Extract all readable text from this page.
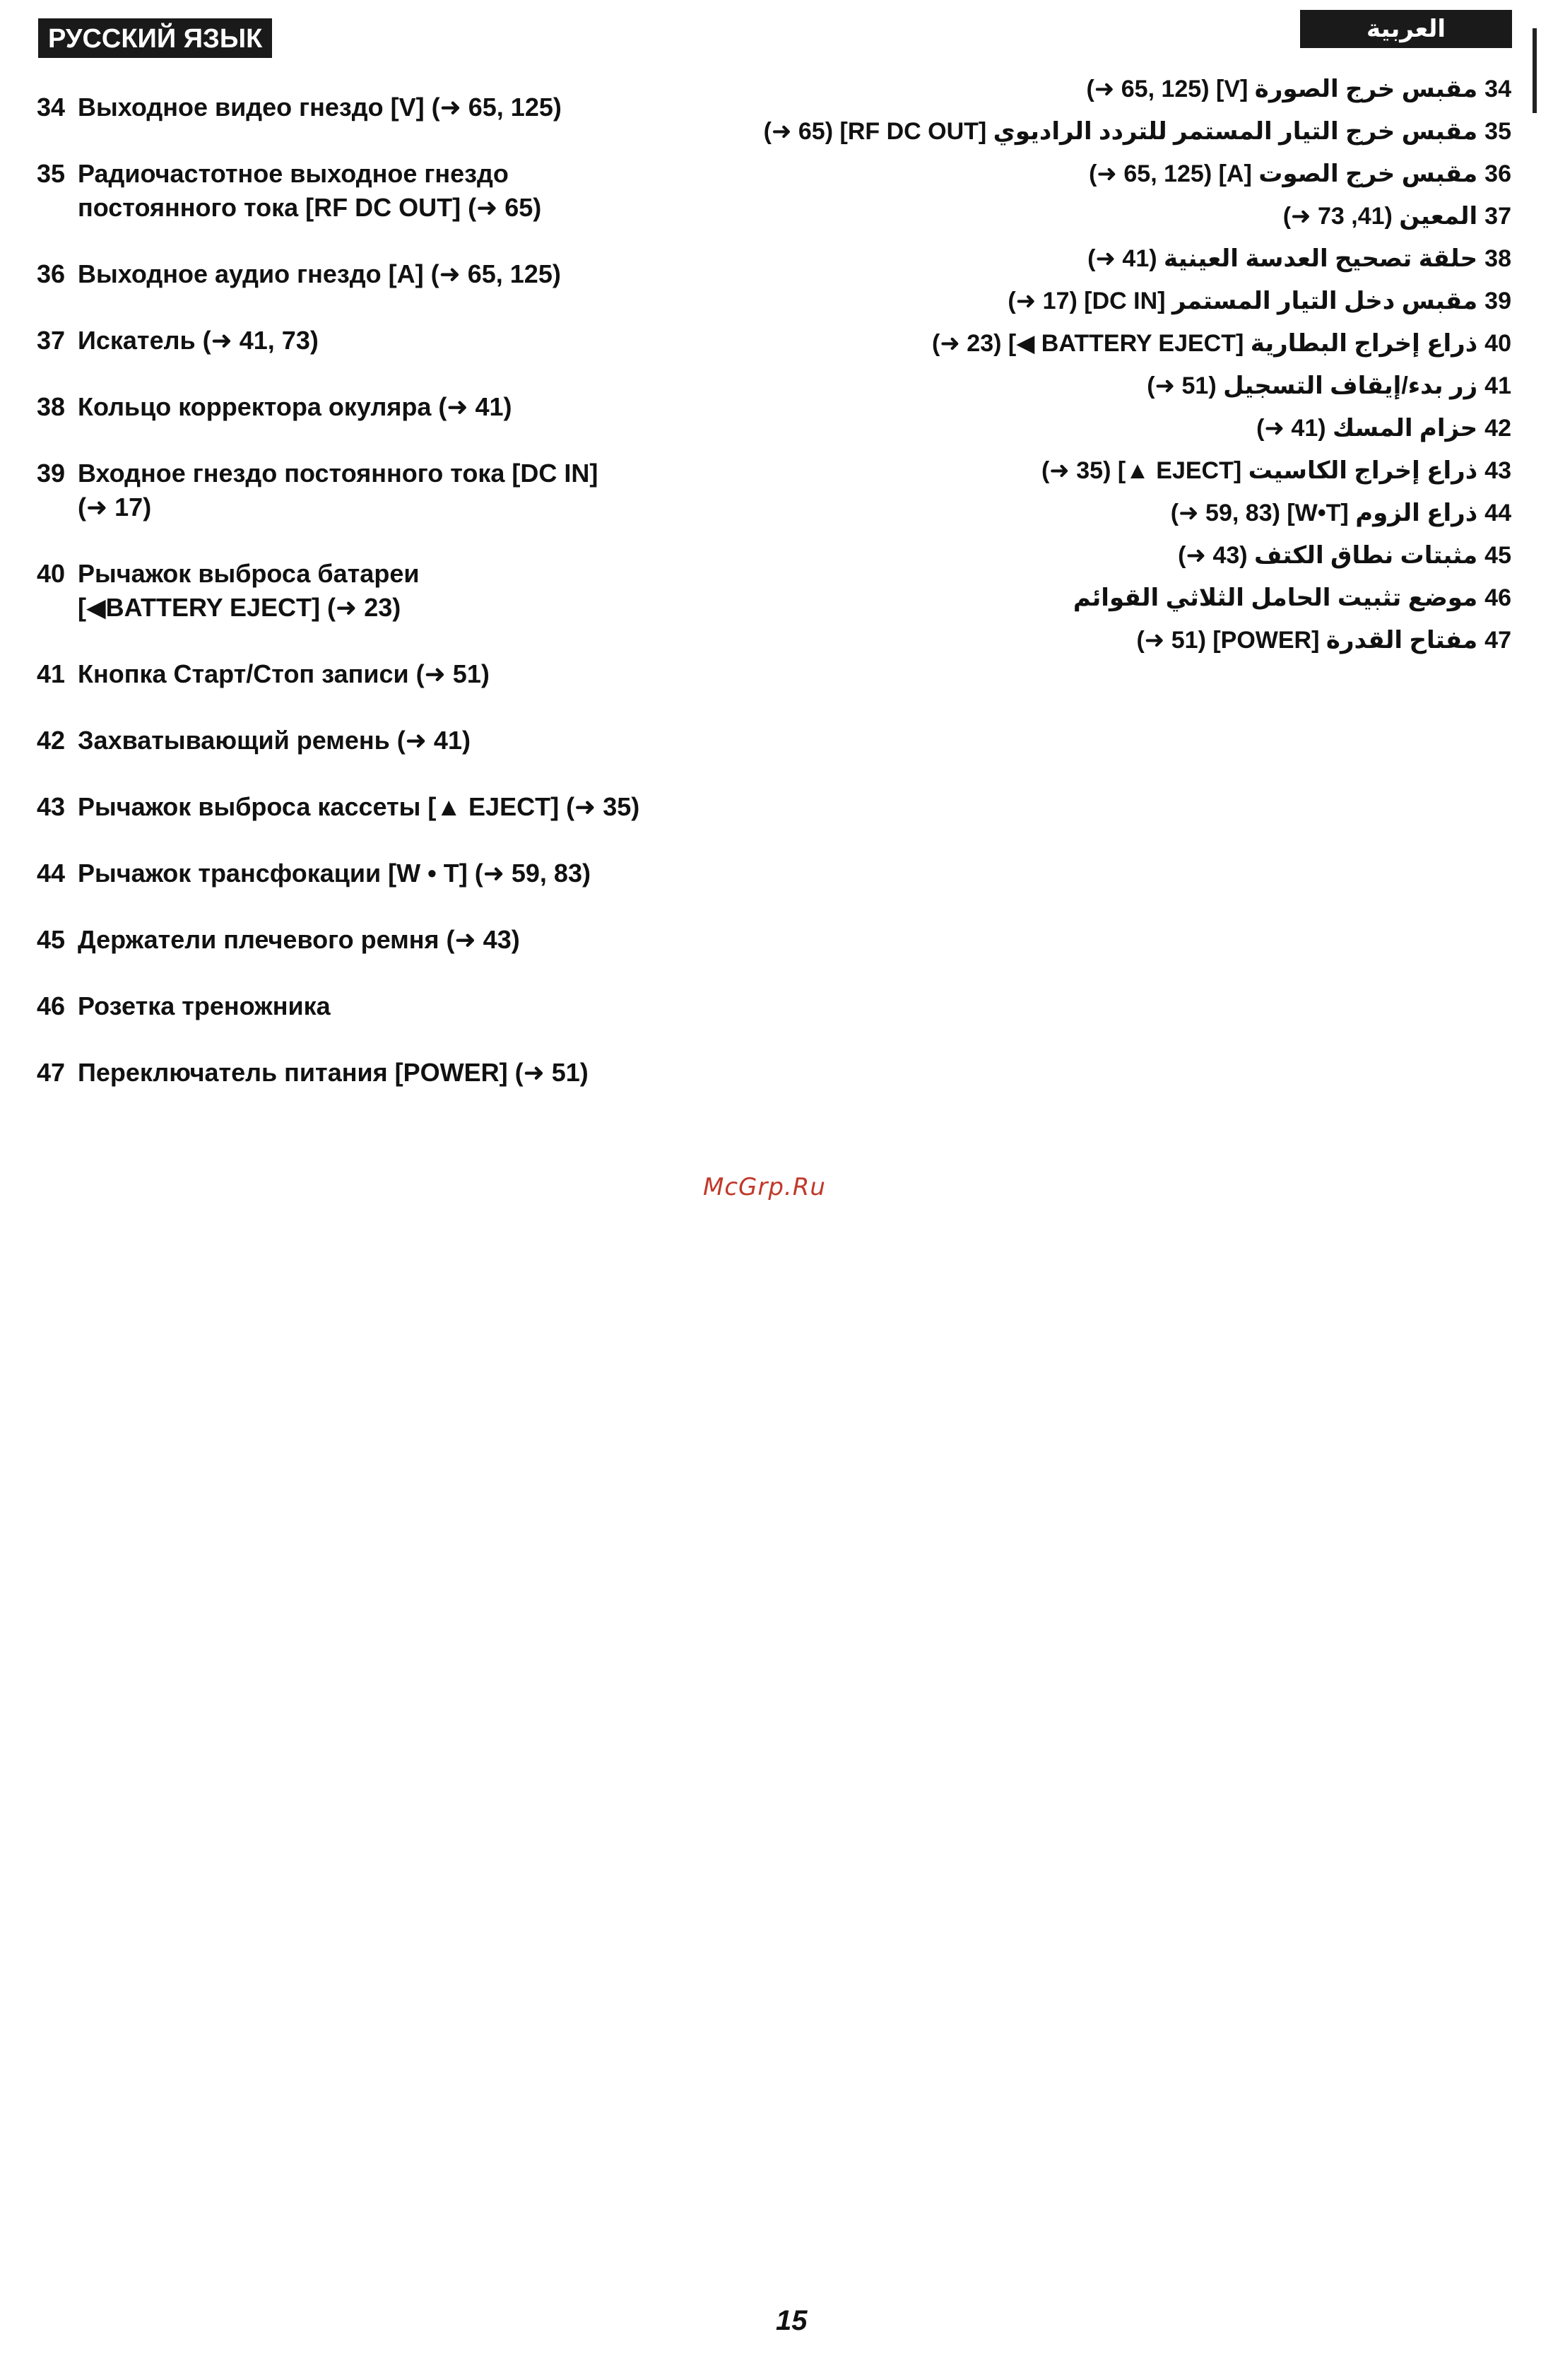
РУССКИЙ ЯЗЫК	العربية
34 Выходное видео гнездо [V] (➜ 65, 125)
35 Радиочастотное выходное гнездо
постоянного тока [RF DC OUT] (➜ 65)
36 Выходное аудио гнездо [A] (➜ 65, 125)
37 Искатель (➜ 41, 73)
38 Кольцо корректора окуляра (➜ 41)
39 Входное гнездо постоянного тока [DC IN]
(➜ 17)
40 Рычажок выброса батареи
[◀BATTERY EJECT] (➜ 23)
41 Кнопка Старт/Стоп записи (➜ 51)
42 Захватывающий ремень (➜ 41)
43 Рычажок выброса кассеты [▲ EJECT] (➜ 35)
44 Рычажок трансфокации [W • T] (➜ 59, 83)
45 Держатели плечевого ремня (➜ 43)
46 Розетка треножника
47 Переключатель питания [POWER] (➜ 51)
34مقبس خرج الصورة [V] (65, 125 ➜)
35مقبس خرج التيار المستمر للتردد الراديوي [RF DC OUT] (65 ➜)
36مقبس خرج الصوت [A] (65, 125 ➜)
37المعين (41, 73 ➜)
38حلقة تصحيح العدسة العينية (41 ➜)
39مقبس دخل التيار المستمر [DC IN] (17 ➜)
40ذراع إخراج البطارية [BATTERY EJECT ◀] (23 ➜)
41زر بدء/إيقاف التسجيل (51 ➜)
42حزام المسك (41 ➜)
43ذراع إخراج الكاسيت [EJECT ▲] (35 ➜)
44ذراع الزوم [W•T] (59, 83 ➜)
45مثبتات نطاق الكتف (43 ➜)
46موضع تثبيت الحامل الثلاثي القوائم
47مفتاح القدرة [POWER] (51 ➜)
McGrp.Ru
15
